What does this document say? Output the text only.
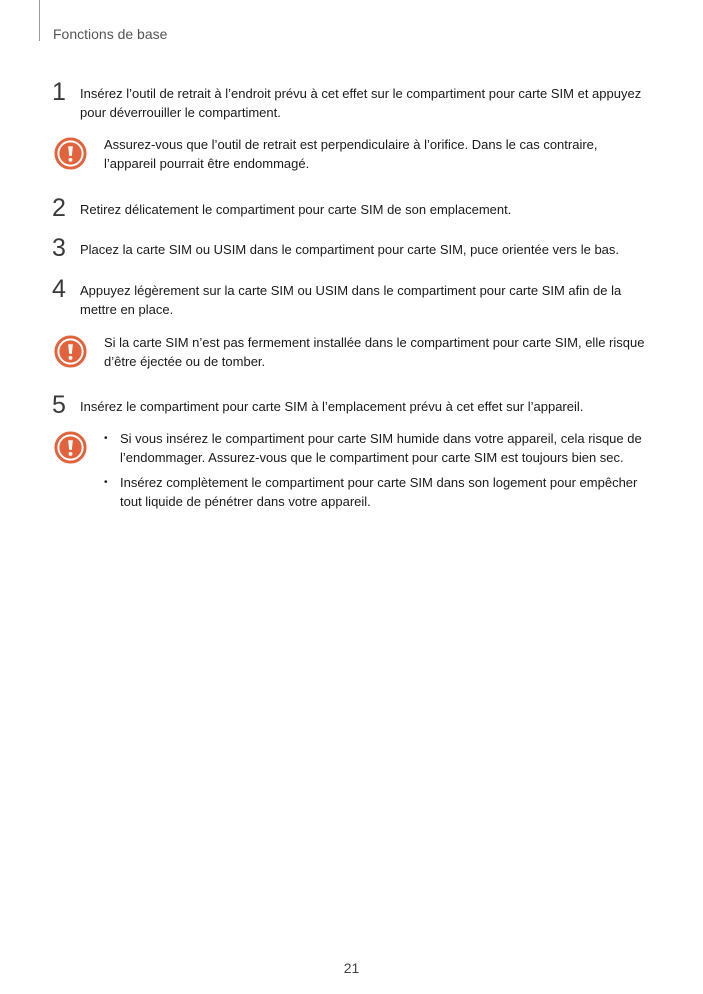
Fonctions de base
1	Insérez l’outil de retrait à l’endroit prévu à cet effet sur le compartiment pour carte SIM et appuyez pour déverrouiller le compartiment.
Assurez-vous que l’outil de retrait est perpendiculaire à l’orifice. Dans le cas contraire, l’appareil pourrait être endommagé.
2	Retirez délicatement le compartiment pour carte SIM de son emplacement.
3	Placez la carte SIM ou USIM dans le compartiment pour carte SIM, puce orientée vers le bas.
4	Appuyez légèrement sur la carte SIM ou USIM dans le compartiment pour carte SIM afin de la mettre en place.
Si la carte SIM n’est pas fermement installée dans le compartiment pour carte SIM, elle risque d’être éjectée ou de tomber.
5	Insérez le compartiment pour carte SIM à l’emplacement prévu à cet effet sur l’appareil.
• Si vous insérez le compartiment pour carte SIM humide dans votre appareil, cela risque de l’endommager. Assurez-vous que le compartiment pour carte SIM est toujours bien sec.
• Insérez complètement le compartiment pour carte SIM dans son logement pour empêcher tout liquide de pénétrer dans votre appareil.
21
